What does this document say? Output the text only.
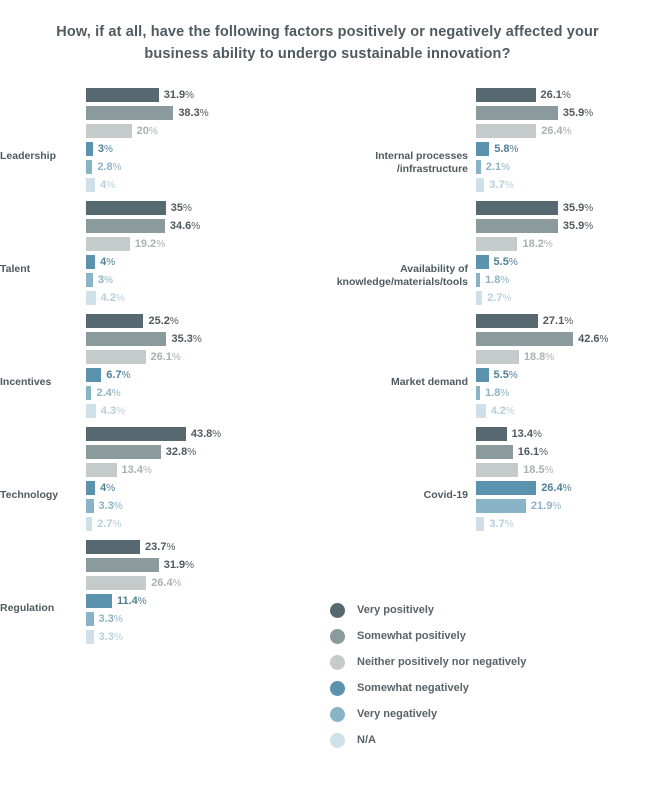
How, if at all, have the following factors positively or negatively affected your business ability to undergo sustainable innovation?
Leadership
31.9%
38.3%
20%
3%
2.8%
4%
Talent
35%
34.6%
19.2%
4%
3%
4.2%
Incentives
25.2%
35.3%
26.1%
6.7%
2.4%
4.3%
Technology
43.8%
32.8%
13.4%
4%
3.3%
2.7%
Regulation
23.7%
31.9%
26.4%
11.4%
3.3%
3.3%
Internal processes
/infrastructure
26.1%
35.9%
26.4%
5.8%
2.1%
3.7%
Availability of
knowledge/materials/tools
35.9%
35.9%
18.2%
5.5%
1.8%
2.7%
Market demand
27.1%
42.6%
18.8%
5.5%
1.8%
4.2%
Covid-19
13.4%
16.1%
18.5%
26.4%
21.9%
3.7%
Very positively
Somewhat positively
Neither positively nor negatively
Somewhat negatively
Very negatively
N/A
